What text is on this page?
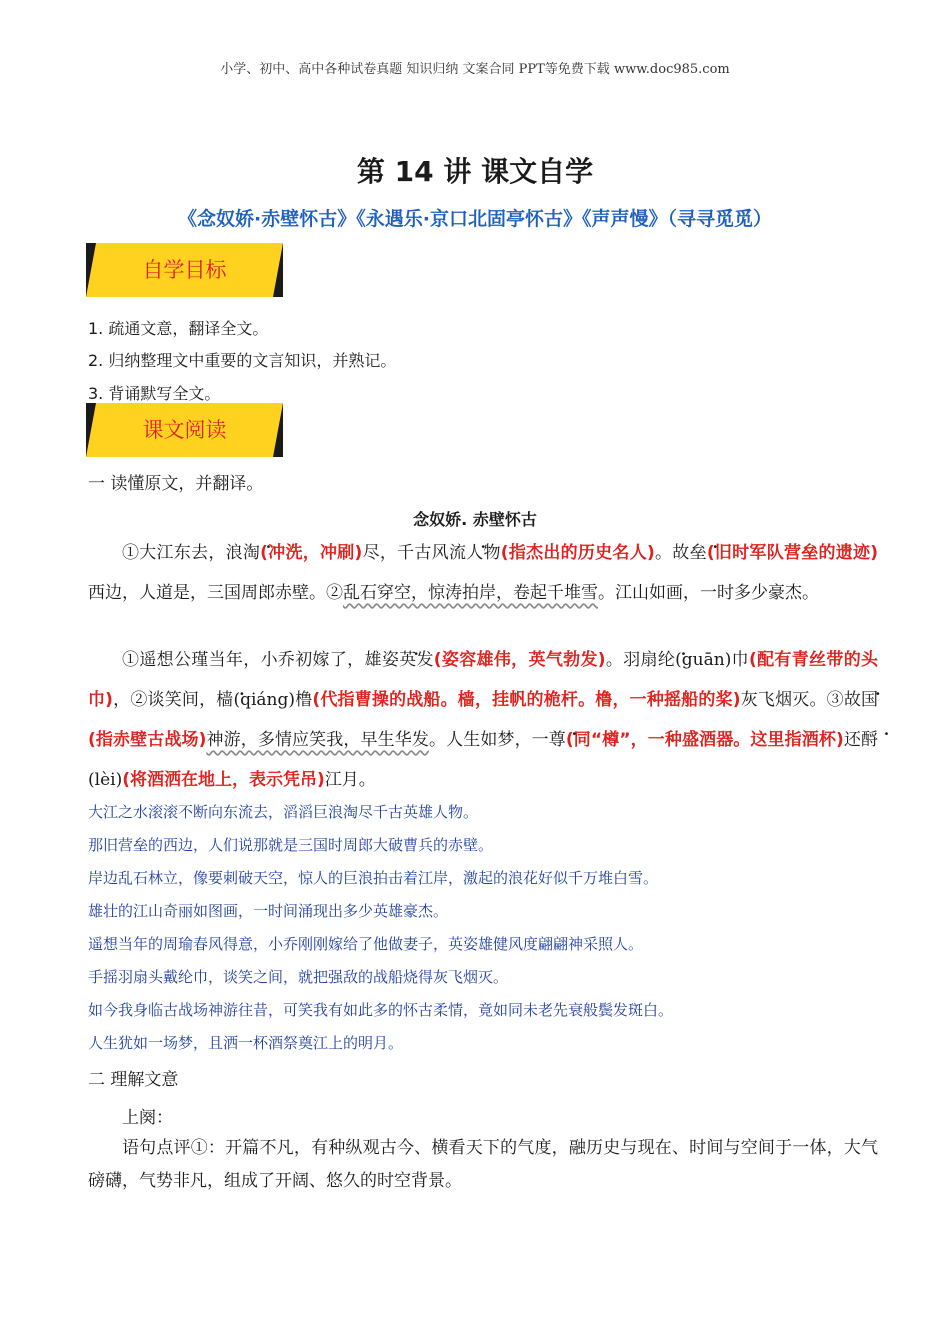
小学、初中、高中各种试卷真题 知识归纳 文案合同 PPT等免费下载 www.doc985.com
第 14 讲 课文自学
《念奴娇·赤壁怀古》《永遇乐·京口北固亭怀古》《声声慢》（寻寻觅觅）
自学目标
1. 疏通文意，翻译全文。
2. 归纳整理文中重要的文言知识，并熟记。
3. 背诵默写全文。
课文阅读
一 读懂原文，并翻译。
念奴娇. 赤壁怀古
①大江东去，浪淘(冲洗，冲刷)尽，千古风流人物(指杰出的历史名人)。故垒(旧时军队营垒的遗迹)西边，人道是，三国周郎赤壁。②乱石穿空，惊涛拍岸，卷起千堆雪。江山如画，一时多少豪杰。
①遥想公瑾当年，小乔初嫁了，雄姿英发(姿容雄伟，英气勃发)。羽扇纶(guān)巾(配有青丝带的头巾)，②谈笑间，樯(qiáng)橹(代指曹操的战船。樯，挂帆的桅杆。橹，一种摇船的桨)灰飞烟灭。③故国(指赤壁古战场)神游，多情应笑我，早生华发。人生如梦，一尊(同“樽”，一种盛酒器。这里指酒杯)还酹(lèi)(将酒洒在地上，表示凭吊)江月。
大江之水滚滚不断向东流去，滔滔巨浪淘尽千古英雄人物。
那旧营垒的西边，人们说那就是三国时周郎大破曹兵的赤壁。
岸边乱石林立，像要刺破天空，惊人的巨浪拍击着江岸，激起的浪花好似千万堆白雪。
雄壮的江山奇丽如图画，一时间涌现出多少英雄豪杰。
遥想当年的周瑜春风得意，小乔刚刚嫁给了他做妻子，英姿雄健风度翩翩神采照人。
手摇羽扇头戴纶巾，谈笑之间，就把强敌的战船烧得灰飞烟灭。
如今我身临古战场神游往昔，可笑我有如此多的怀古柔情，竟如同未老先衰般鬓发斑白。
人生犹如一场梦，且洒一杯酒祭奠江上的明月。
二 理解文意
上阕：
语句点评①：开篇不凡，有种纵观古今、横看天下的气度，融历史与现在、时间与空间于一体，大气磅礴，气势非凡，组成了开阔、悠久的时空背景。
